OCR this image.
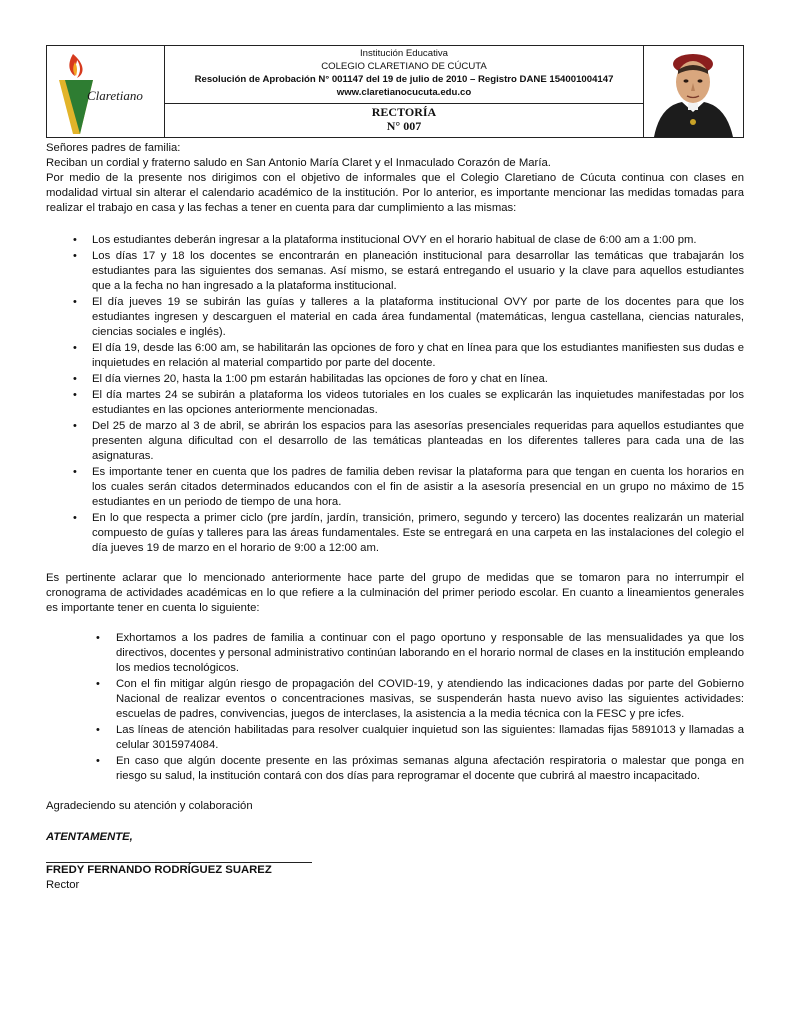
Claretiano
Institución Educativa
COLEGIO CLARETIANO DE CÚCUTA
Resolución de Aprobación N° 001147 del 19 de julio de 2010 – Registro DANE 154001004147
www.claretianocucuta.edu.co
RECTORÍA
N° 007

Señores padres de familia:

Reciban un cordial y fraterno saludo en San Antonio María Claret y el Inmaculado Corazón de María.

Por medio de la presente nos dirigimos con el objetivo de informales que el Colegio Claretiano de Cúcuta continua con clases en modalidad virtual sin alterar el calendario académico de la institución. Por lo anterior, es importante mencionar las medidas tomadas para realizar el trabajo en casa y las fechas a tener en cuenta para dar cumplimiento a las mismas:

• Los estudiantes deberán ingresar a la plataforma institucional OVY en el horario habitual de clase de 6:00 am a 1:00 pm.
• Los días 17 y 18 los docentes se encontrarán en planeación institucional para desarrollar las temáticas que trabajarán los estudiantes para las siguientes dos semanas. Así mismo, se estará entregando el usuario y la clave para aquellos estudiantes que a la fecha no han ingresado a la plataforma institucional.
• El día jueves 19 se subirán las guías y talleres a la plataforma institucional OVY por parte de los docentes para que los estudiantes ingresen y descarguen el material en cada área fundamental (matemáticas, lengua castellana, ciencias naturales, ciencias sociales e inglés).
• El día 19, desde las 6:00 am, se habilitarán las opciones de foro y chat en línea para que los estudiantes manifiesten sus dudas e inquietudes en relación al material compartido por parte del docente.
• El día viernes 20, hasta la 1:00 pm estarán habilitadas las opciones de foro y chat en línea.
• El día martes 24 se subirán a plataforma los videos tutoriales en los cuales se explicarán las inquietudes manifestadas por los estudiantes en las opciones anteriormente mencionadas.
• Del 25 de marzo al 3 de abril, se abrirán los espacios para las asesorías presenciales requeridas para aquellos estudiantes que presenten alguna dificultad con el desarrollo de las temáticas planteadas en los diferentes talleres para cada una de las asignaturas.
• Es importante tener en cuenta que los padres de familia deben revisar la plataforma para que tengan en cuenta los horarios en los cuales serán citados determinados educandos con el fin de asistir a la asesoría presencial en un grupo no máximo de 15 estudiantes en un periodo de tiempo de una hora.
• En lo que respecta a primer ciclo (pre jardín, jardín, transición, primero, segundo y tercero) las docentes realizarán un material compuesto de guías y talleres para las áreas fundamentales. Este se entregará en una carpeta en las instalaciones del colegio el día jueves 19 de marzo en el horario de 9:00 a 12:00 am.

Es pertinente aclarar que lo mencionado anteriormente hace parte del grupo de medidas que se tomaron para no interrumpir el cronograma de actividades académicas en lo que refiere a la culminación del primer periodo escolar. En cuanto a lineamientos generales es importante tener en cuenta lo siguiente:

• Exhortamos a los padres de familia a continuar con el pago oportuno y responsable de las mensualidades ya que los directivos, docentes y personal administrativo continúan laborando en el horario normal de clases en la institución empleando los medios tecnológicos.
• Con el fin mitigar algún riesgo de propagación del COVID-19, y atendiendo las indicaciones dadas por parte del Gobierno Nacional de realizar eventos o concentraciones masivas, se suspenderán hasta nuevo aviso las siguientes actividades: escuelas de padres, convivencias, juegos de interclases, la asistencia a la media técnica con la FESC y pre icfes.
• Las líneas de atención habilitadas para resolver cualquier inquietud son las siguientes: llamadas fijas 5891013 y llamadas a celular 3015974084.
• En caso que algún docente presente en las próximas semanas alguna afectación respiratoria o malestar que ponga en riesgo su salud, la institución contará con dos días para reprogramar el docente que cubrirá al maestro incapacitado.

Agradeciendo su atención y colaboración

ATENTAMENTE,

FREDY FERNANDO RODRÍGUEZ SUAREZ

Rector
